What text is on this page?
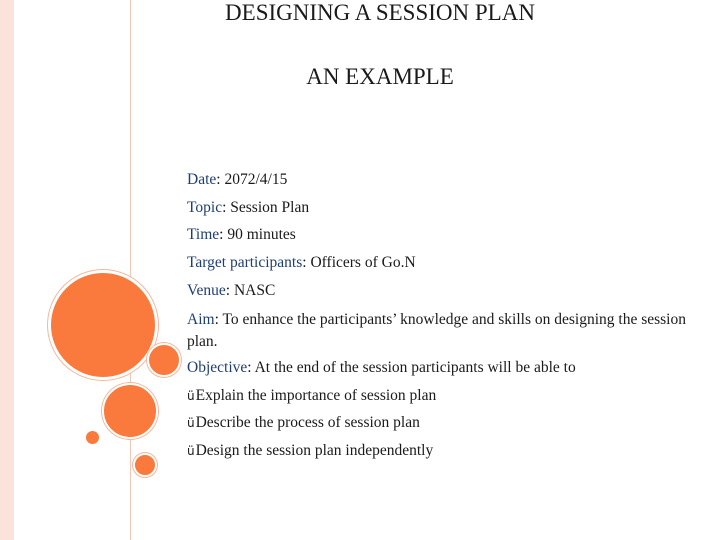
DESIGNING A SESSION PLAN
AN EXAMPLE
Date: 2072/4/15
Topic: Session Plan
Time: 90 minutes
Target participants: Officers of Go.N
Venue: NASC
Aim: To enhance the participants’ knowledge and skills on designing the session plan.
Objective: At the end of the session participants will be able to
üExplain the importance of session plan
üDescribe the process of session plan
üDesign the session plan independently
